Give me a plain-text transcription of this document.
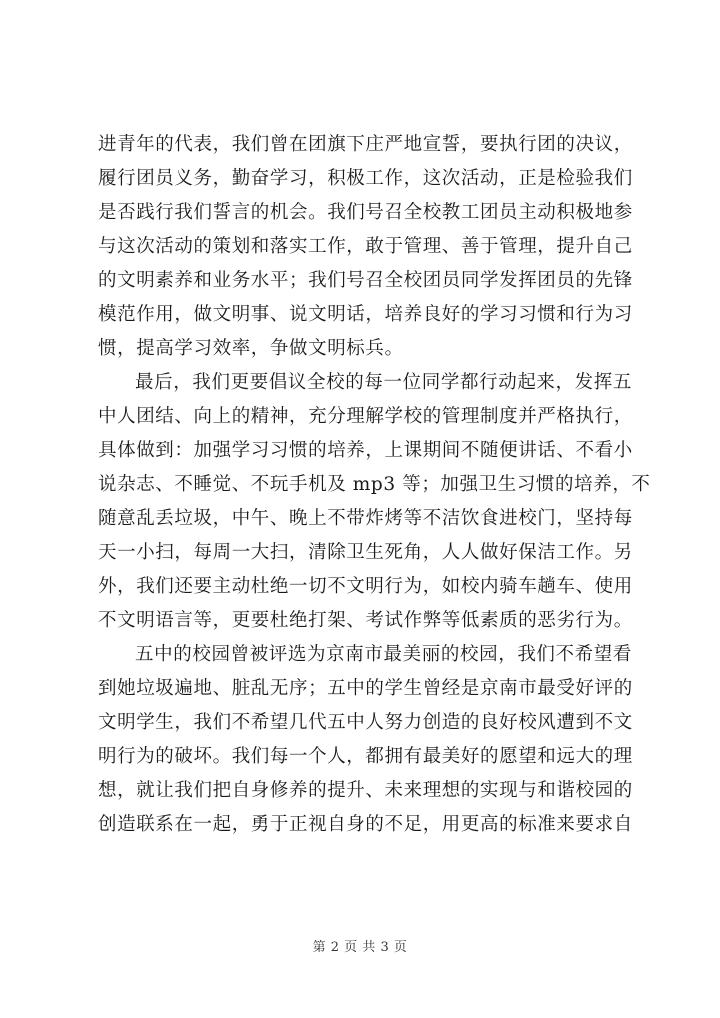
进青年的代表，我们曾在团旗下庄严地宣誓，要执行团的决议，
履行团员义务，勤奋学习，积极工作，这次活动，正是检验我们
是否践行我们誓言的机会。我们号召全校教工团员主动积极地参
与这次活动的策划和落实工作，敢于管理、善于管理，提升自己
的文明素养和业务水平；我们号召全校团员同学发挥团员的先锋
模范作用，做文明事、说文明话，培养良好的学习习惯和行为习
惯，提高学习效率，争做文明标兵。
最后，我们更要倡议全校的每一位同学都行动起来，发挥五
中人团结、向上的精神，充分理解学校的管理制度并严格执行，
具体做到：加强学习习惯的培养，上课期间不随便讲话、不看小
说杂志、不睡觉、不玩手机及 mp3 等；加强卫生习惯的培养，不
随意乱丢垃圾，中午、晚上不带炸烤等不洁饮食进校门，坚持每
天一小扫，每周一大扫，清除卫生死角，人人做好保洁工作。另
外，我们还要主动杜绝一切不文明行为，如校内骑车趟车、使用
不文明语言等，更要杜绝打架、考试作弊等低素质的恶劣行为。
五中的校园曾被评选为京南市最美丽的校园，我们不希望看
到她垃圾遍地、脏乱无序；五中的学生曾经是京南市最受好评的
文明学生，我们不希望几代五中人努力创造的良好校风遭到不文
明行为的破坏。我们每一个人，都拥有最美好的愿望和远大的理
想，就让我们把自身修养的提升、未来理想的实现与和谐校园的
创造联系在一起，勇于正视自身的不足，用更高的标准来要求自
第 2 页 共 3 页
